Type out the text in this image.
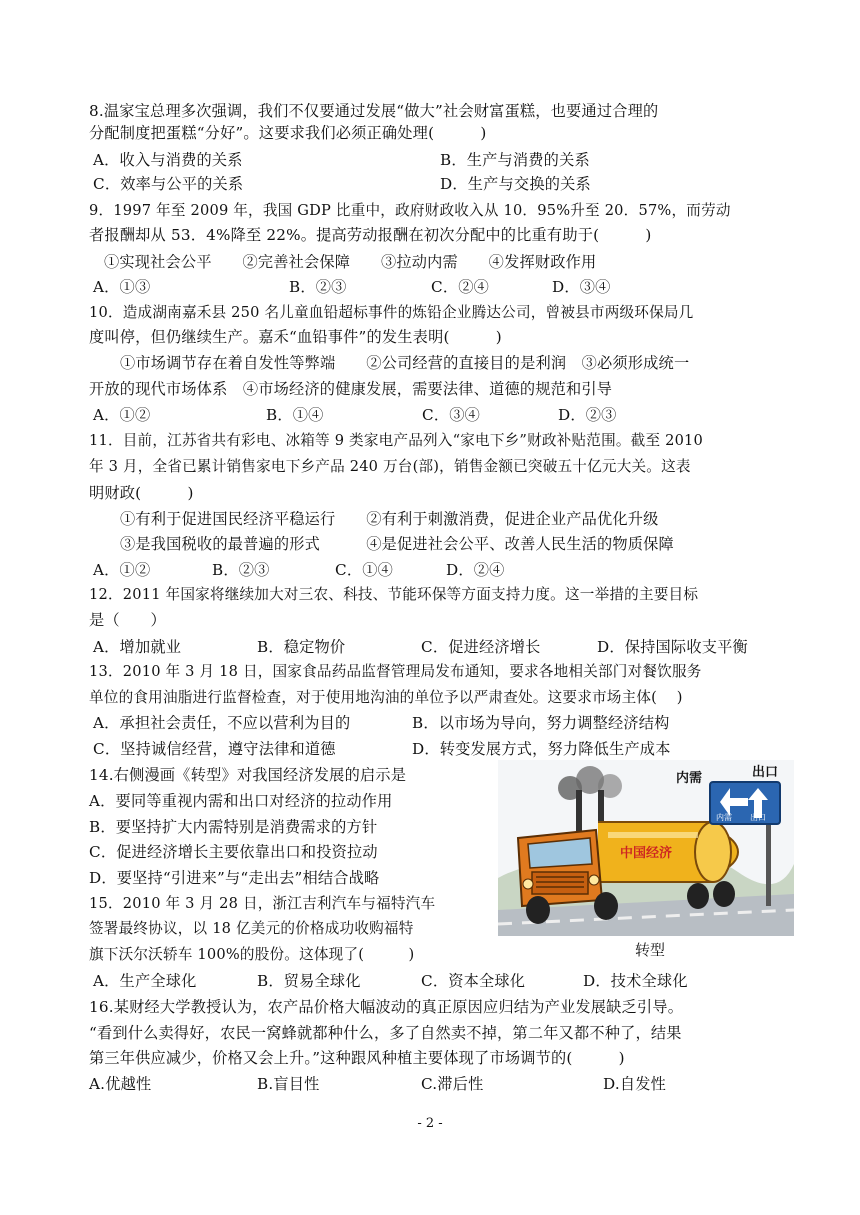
8.温家宝总理多次强调，我们不仅要通过发展“做大”社会财富蛋糕，也要通过合理的
分配制度把蛋糕“分好”。这要求我们必须正确处理(　　　)
A．收入与消费的关系	B．生产与消费的关系
C．效率与公平的关系	D．生产与交换的关系
9．1997 年至 2009 年，我国 GDP 比重中，政府财政收入从 10．95%升至 20．57%，而劳动
者报酬却从 53．4%降至 22%。提高劳动报酬在初次分配中的比重有助于(　　　)
①实现社会公平　　②完善社会保障　　③拉动内需　　④发挥财政作用
A．①③	B．②③	C．②④	D．③④
10．造成湖南嘉禾县 250 名儿童血铅超标事件的炼铅企业腾达公司，曾被县市两级环保局几
度叫停，但仍继续生产。嘉禾“血铅事件”的发生表明(　　　)
①市场调节存在着自发性等弊端　　②公司经营的直接目的是利润　③必须形成统一
开放的现代市场体系　④市场经济的健康发展，需要法律、道德的规范和引导
A．①②	B．①④	C．③④	D．②③
11．目前，江苏省共有彩电、冰箱等 9 类家电产品列入“家电下乡”财政补贴范围。截至 2010
年 3 月，全省已累计销售家电下乡产品 240 万台(部)，销售金额已突破五十亿元大关。这表
明财政(　　　)
①有利于促进国民经济平稳运行　　②有利于刺激消费，促进企业产品优化升级
③是我国税收的最普遍的形式　　　④是促进社会公平、改善人民生活的物质保障
A．①②	B．②③	C．①④	D．②④
12．2011 年国家将继续加大对三农、科技、节能环保等方面支持力度。这一举措的主要目标
是（　　）
A．增加就业	B．稳定物价	C．促进经济增长	D．保持国际收支平衡
13．2010 年 3 月 18 日，国家食品药品监督管理局发布通知，要求各地相关部门对餐饮服务
单位的食用油脂进行监督检查，对于使用地沟油的单位予以严肃查处。这要求市场主体(　 )
A．承担社会责任，不应以营利为目的	B．以市场为导向，努力调整经济结构
C．坚持诚信经营，遵守法律和道德	D．转变发展方式，努力降低生产成本
14.右侧漫画《转型》对我国经济发展的启示是
A．要同等重视内需和出口对经济的拉动作用
B．要坚持扩大内需特别是消费需求的方针
C．促进经济增长主要依靠出口和投资拉动
D．要坚持“引进来”与“走出去”相结合战略
15．2010 年 3 月 28 日，浙江吉利汽车与福特汽车
签署最终协议，以 18 亿美元的价格成功收购福特
旗下沃尔沃轿车 100%的股份。这体现了(　　　)
A．生产全球化	B．贸易全球化	C．资本全球化	D．技术全球化
16.某财经大学教授认为，农产品价格大幅波动的真正原因应归结为产业发展缺乏引导。
“看到什么卖得好，农民一窝蜂就都种什么，多了自然卖不掉，第二年又都不种了，结果
第三年供应减少，价格又会上升。”这种跟风种植主要体现了市场调节的(　　　)
A.优越性	B.盲目性	C.滞后性	D.自发性
中国经济
内需 出口
内需	出口
转型
- 2 -
